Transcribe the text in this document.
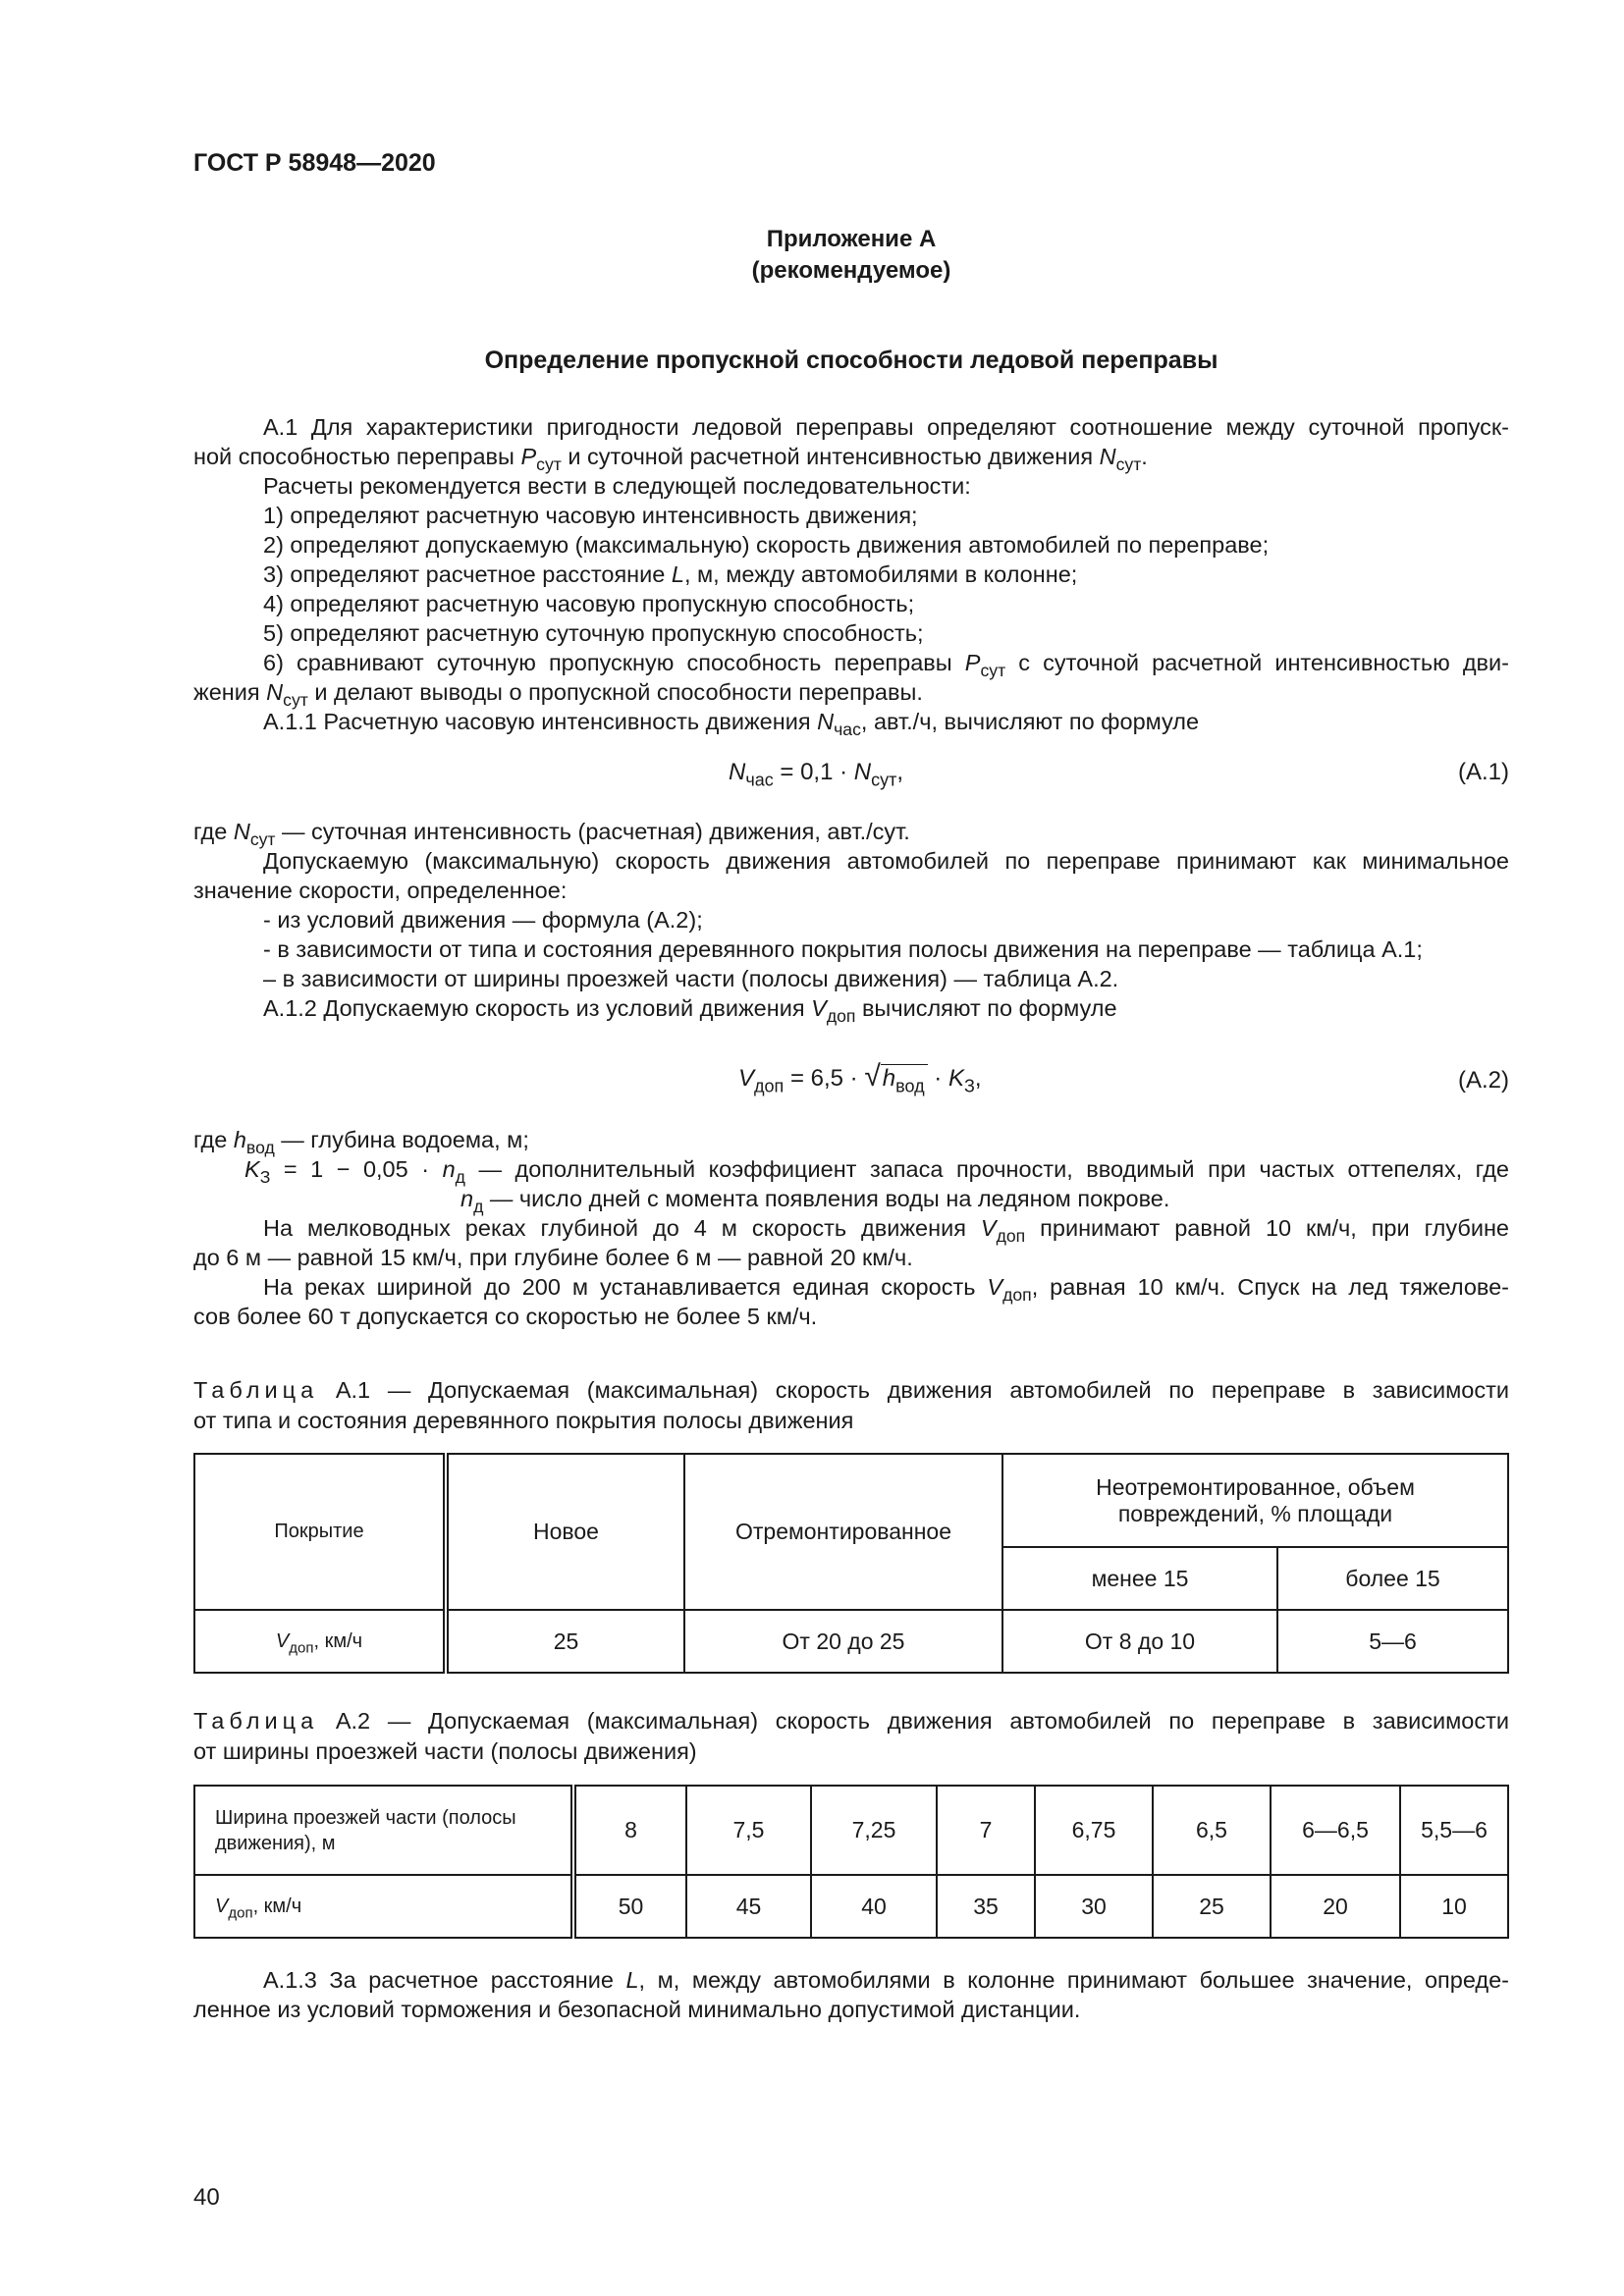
ГОСТ Р 58948—2020
Приложение А
(рекомендуемое)
Определение пропускной способности ледовой переправы

А.1 Для характеристики пригодности ледовой переправы определяют соотношение между суточной пропуск-

ной способностью переправы $P_{сут}$ и суточной расчетной интенсивностью движения $N_{сут}$.

Расчеты рекомендуется вести в следующей последовательности:

1) определяют расчетную часовую интенсивность движения;

2) определяют допускаемую (максимальную) скорость движения автомобилей по переправе;

3) определяют расчетное расстояние L, м, между автомобилями в колонне;

4) определяют расчетную часовую пропускную способность;

5) определяют расчетную суточную пропускную способность;

6) сравнивают суточную пропускную способность переправы $P_{сут}$ с суточной расчетной интенсивностью дви-

жения $N_{сут}$ и делают выводы о пропускной способности переправы.

А.1.1 Расчетную часовую интенсивность движения $N_{час}$, авт./ч, вычисляют по формуле

$N_{час} = 0,1 \cdot N_{сут}$,	(А.1)

где $N_{сут}$ — суточная интенсивность (расчетная) движения, авт./сут.

Допускаемую (максимальную) скорость движения автомобилей по переправе принимают как минимальное

значение скорости, определенное:

- из условий движения — формула (А.2);

- в зависимости от типа и состояния деревянного покрытия полосы движения на переправе — таблица А.1;

– в зависимости от ширины проезжей части (полосы движения) — таблица А.2.

А.1.2 Допускаемую скорость из условий движения $V_{доп}$ вычисляют по формуле

$V_{доп} = 6,5 \cdot √h_{вод} \cdot K_З$,	(А.2)

где $h_{вод}$ — глубина водоема, м;

$K_З = 1 - 0,05 \cdot n_д$ — дополнительный коэффициент запаса прочности, вводимый при частых оттепелях, где

$n_д$ — число дней с момента появления воды на ледяном покрове.

На мелководных реках глубиной до 4 м скорость движения $V_{доп}$ принимают равной 10 км/ч, при глубине

до 6 м — равной 15 км/ч, при глубине более 6 м — равной 20 км/ч.

На реках шириной до 200 м устанавливается единая скорость $V_{доп}$, равная 10 км/ч. Спуск на лед тяжелове-

сов более 60 т допускается со скоростью не более 5 км/ч.

Таблица А.1 — Допускаемая (максимальная) скорость движения автомобилей по переправе в зависимости

от типа и состояния деревянного покрытия полосы движения

Покрытие	Новое	Отремонтированное	Неотремонтированное, объем повреждений, % площади	
			менее 15	более 15
$V_{доп}$, км/ч	25	От 20 до 25	От 8 до 10	5—6

Таблица А.2 — Допускаемая (максимальная) скорость движения автомобилей по переправе в зависимости

от ширины проезжей части (полосы движения)

Ширина проезжей части (полосы движения), м	8	7,5	7,25	7	6,75	6,5	6—6,5	5,5—6
$V_{доп}$, км/ч	50	45	40	35	30	25	20	10

А.1.3 За расчетное расстояние L, м, между автомобилями в колонне принимают большее значение, опреде-

ленное из условий торможения и безопасной минимально допустимой дистанции.

40
